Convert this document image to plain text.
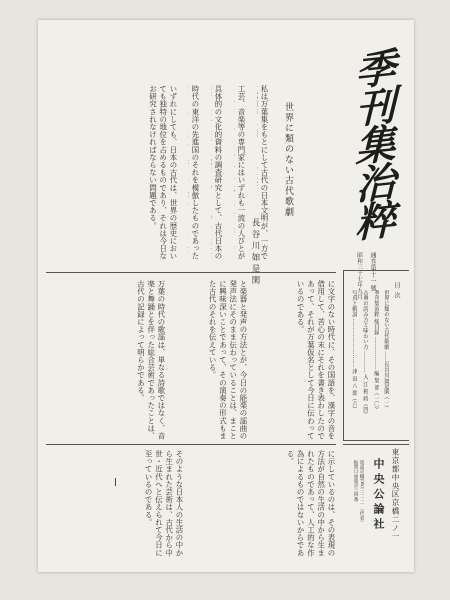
季刊集治粹
通巻第十一號
昭和三十七年九月
世界に類のない古代歌劇
長谷川如是閑
私は万葉集をもとにして古代の日本文明が、一方で
工芸、音楽等の専門家にはいずれも一流の人びとが
具体的の文化的資料の調査研究として、古代日本の
時代の東洋の先進国のそれを模倣したものであった
いずれにしても、日本の古代は、世界の歴史においても独特の地位を占めるものであり、それは今日なお研究されなければならない問題である。
に文字のない時代に、その国語を、漢字の音を借用して、苦心の末にそれを書き表わしたのであって、それが万葉仮名として今日に伝わっているのである。
と楽器と発声の方法とが、今日の能楽の謡曲の発声法にそのまま伝わっていることは、まことに興味深いことであって、その演奏の形式もまた古代のそれを伝えている。
万葉の時代の歌謡は、単なる詩歌ではなく、音楽と舞踊とを伴った総合芸術であったことは、古代の記録によって明らかである。
に示しているのは、その表現の方法が自然の生活の中から生まれたものであって、人工的な作為によるものではないからである。
そのような日本人の生活の中から生まれた芸術は、古代から中世・近代へと伝えられて今日に至っているのである。
目次
世界に類のない古代歌劇 ……長谷川如是閑（一）
季刊集治粹 総目録 ……………… 編 集 部（一〇）
古典の読み方と味わい方 ………… 入 江 相 政（四）
写真と解説 ……………………… 津 田 八 郎（六）
東京都中央区京橋二ノ一
中央公論社
電話京橋(56)三一二一（代表）
振替口座東京三四番
